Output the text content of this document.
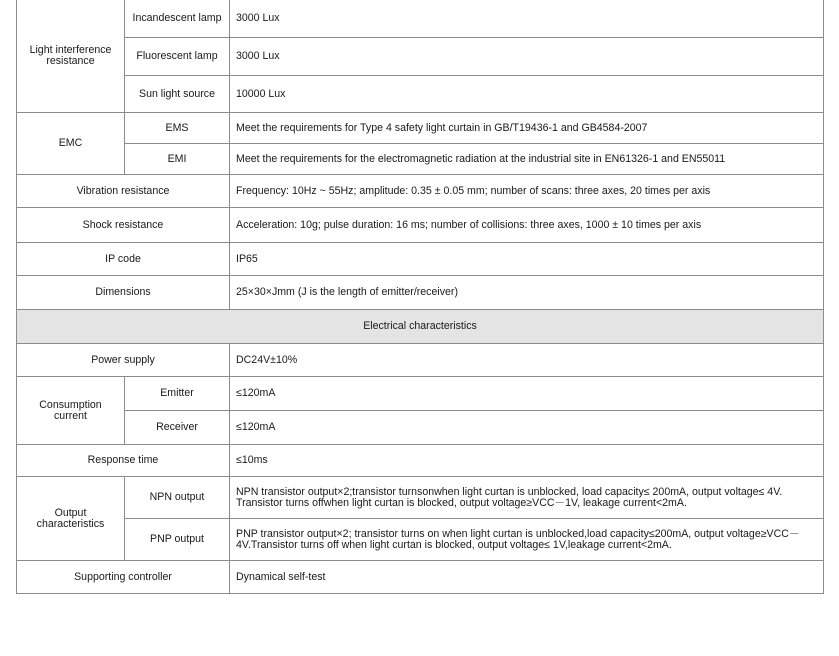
Light interference resistance	Incandescent lamp	3000 Lux
	Fluorescent lamp	3000 Lux
	Sun light source	10000 Lux
EMC	EMS	Meet the requirements for Type 4 safety light curtain in GB/T19436-1 and GB4584-2007
	EMI	Meet the requirements for the electromagnetic radiation at the industrial site in EN61326-1 and EN55011
Vibration resistance		Frequency: 10Hz ~ 55Hz; amplitude: 0.35 ± 0.05 mm; number of scans: three axes, 20 times per axis
Shock resistance		Acceleration: 10g; pulse duration: 16 ms; number of collisions: three axes, 1000 ± 10 times per axis
IP code		IP65
Dimensions		25×30×Jmm (J is the length of emitter/receiver)
Electrical characteristics		
Power supply		DC24V±10%
Consumption current	Emitter	≤120mA
	Receiver	≤120mA
Response time		≤10ms
Output characteristics	NPN output	NPN transistor output×2;transistor turnsonwhen light curtan is unblocked, load capacity≤ 200mA, output voltage≤ 4V. Transistor turns offwhen light curtan is blocked, output voltage≥VCC－1V, leakage current<2mA.
	PNP output	PNP transistor output×2; transistor turns on when light curtan is unblocked,load capacity≤200mA, output voltage≥VCC－4V.Transistor turns off when light curtan is blocked, output voltage≤ 1V,leakage current<2mA.
Supporting controller		Dynamical self-test
